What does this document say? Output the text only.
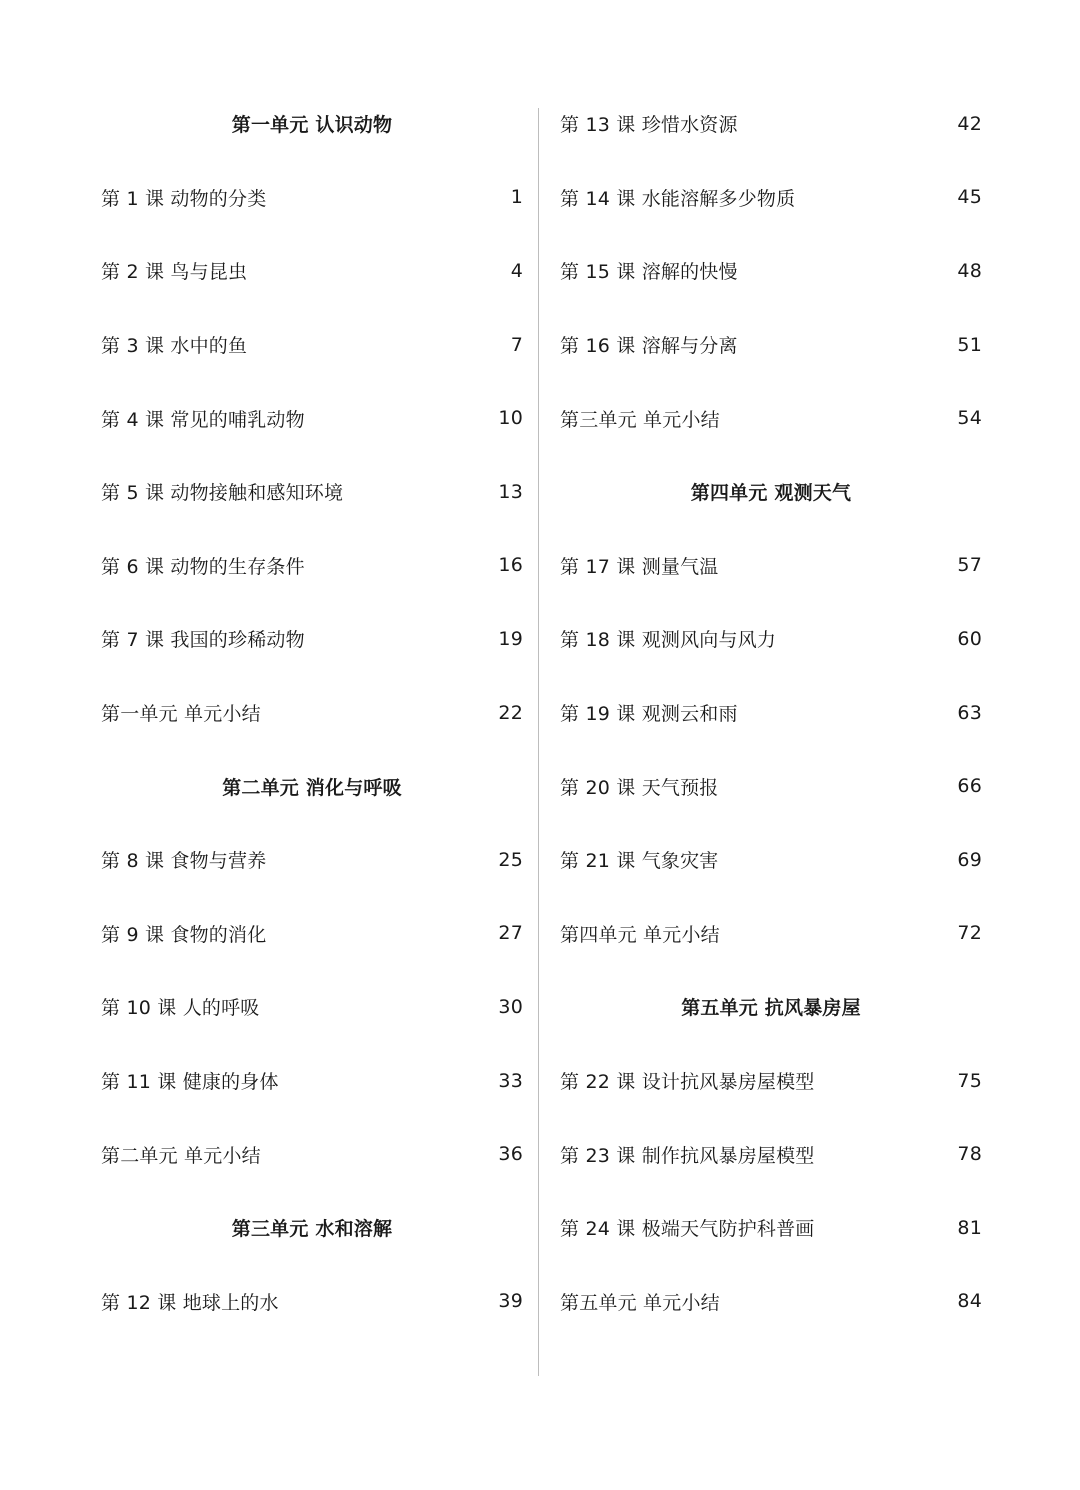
第一单元 认识动物
第 1 课 动物的分类	1
第 2 课 鸟与昆虫	4
第 3 课 水中的鱼	7
第 4 课 常见的哺乳动物	10
第 5 课 动物接触和感知环境	13
第 6 课 动物的生存条件	16
第 7 课 我国的珍稀动物	19
第一单元 单元小结	22
第二单元 消化与呼吸
第 8 课 食物与营养	25
第 9 课 食物的消化	27
第 10 课 人的呼吸	30
第 11 课 健康的身体	33
第二单元 单元小结	36
第三单元 水和溶解
第 12 课 地球上的水	39
第 13 课 珍惜水资源	42
第 14 课 水能溶解多少物质	45
第 15 课 溶解的快慢	48
第 16 课 溶解与分离	51
第三单元 单元小结	54
第四单元 观测天气
第 17 课 测量气温	57
第 18 课 观测风向与风力	60
第 19 课 观测云和雨	63
第 20 课 天气预报	66
第 21 课 气象灾害	69
第四单元 单元小结	72
第五单元 抗风暴房屋
第 22 课 设计抗风暴房屋模型	75
第 23 课 制作抗风暴房屋模型	78
第 24 课 极端天气防护科普画	81
第五单元 单元小结	84
